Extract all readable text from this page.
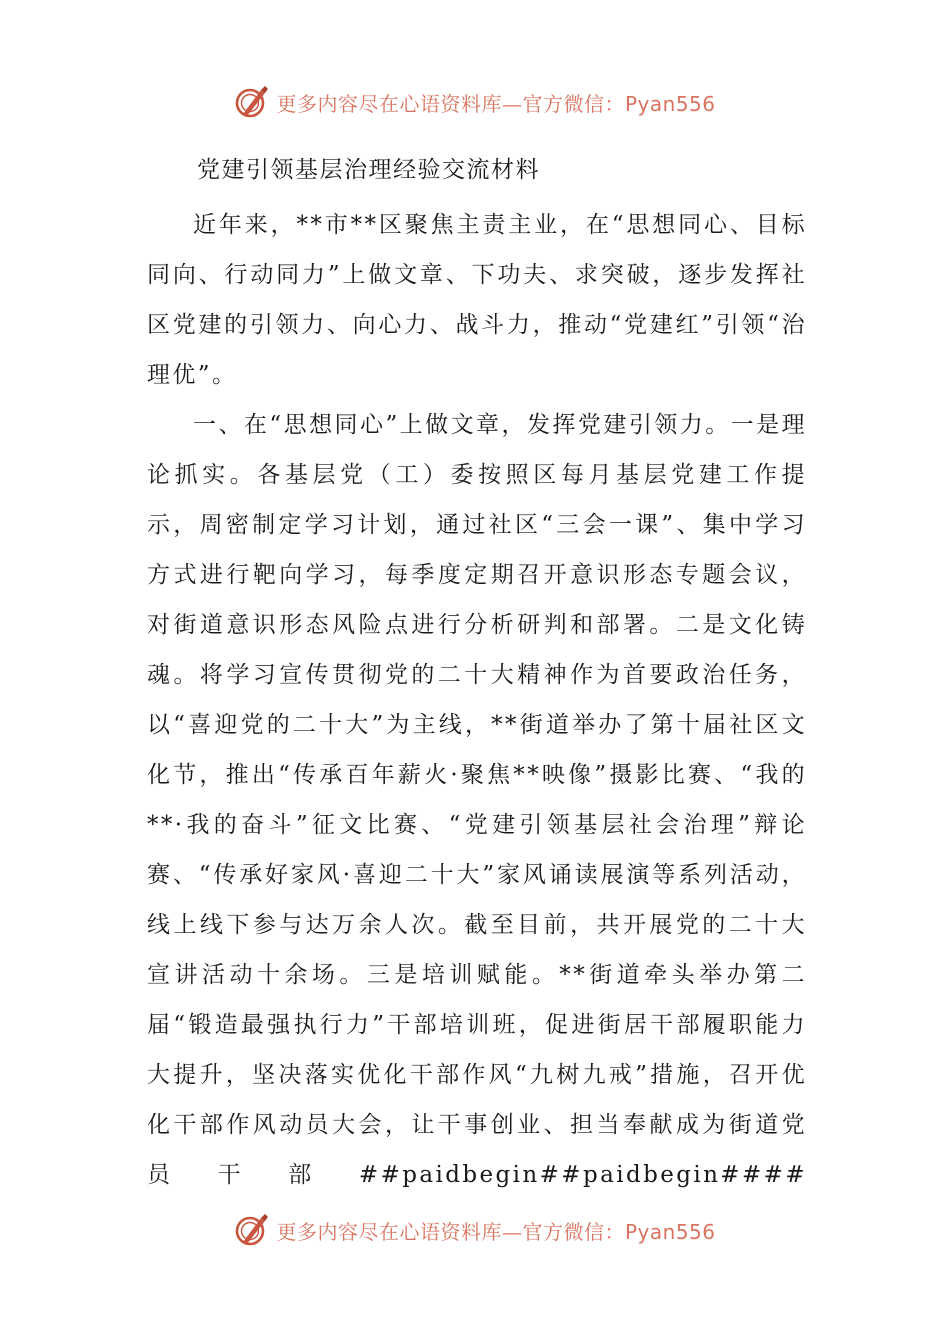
更多内容尽在心语资料库—官方微信：Pyan556
党建引领基层治理经验交流材料

近年来，**市**区聚焦主责主业，在“思想同心、目标同向、行动同力”上做文章、下功夫、求突破，逐步发挥社区党建的引领力、向心力、战斗力，推动“党建红”引领“治理优”。

一、在“思想同心”上做文章，发挥党建引领力。一是理论抓实。各基层党（工）委按照区每月基层党建工作提示，周密制定学习计划，通过社区“三会一课”、集中学习方式进行靶向学习，每季度定期召开意识形态专题会议，对街道意识形态风险点进行分析研判和部署。二是文化铸魂。将学习宣传贯彻党的二十大精神作为首要政治任务，以“喜迎党的二十大”为主线，**街道举办了第十届社区文化节，推出“传承百年薪火·聚焦**映像”摄影比赛、“我的**·我的奋斗”征文比赛、“党建引领基层社会治理”辩论赛、“传承好家风·喜迎二十大”家风诵读展演等系列活动，线上线下参与达万余人次。截至目前，共开展党的二十大宣讲活动十余场。三是培训赋能。**街道牵头举办第二届“锻造最强执行力”干部培训班，促进街居干部履职能力大提升，坚决落实优化干部作风“九树九戒”措施，召开优化干部作风动员大会，让干事创业、担当奉献成为街道党员干部##paidbegin##paidbegin####

更多内容尽在心语资料库—官方微信：Pyan556
